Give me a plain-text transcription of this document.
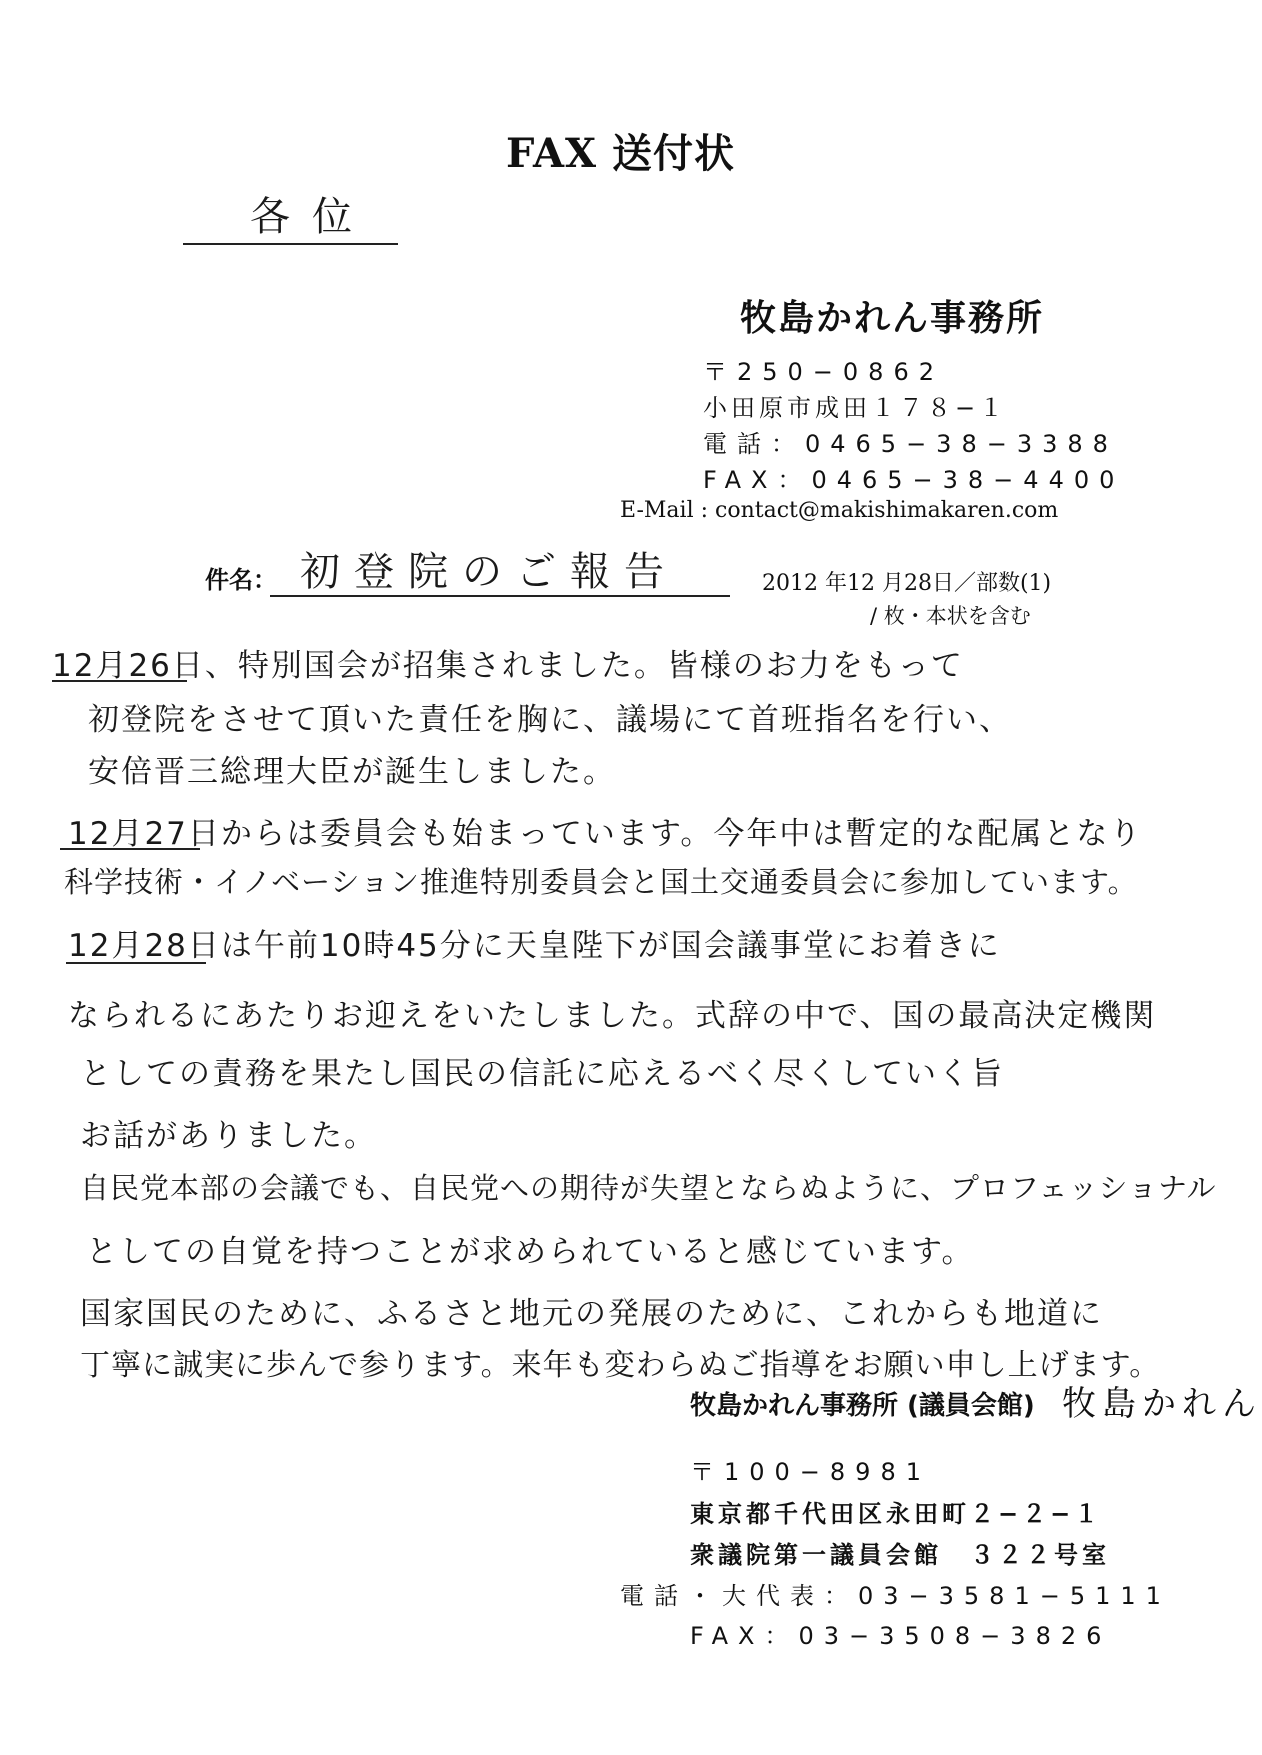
FAX 送付状
各位
牧島かれん事務所
〒250−0862
小田原市成田１７８−１
電話：0465−38−3388
FAX：0465−38−4400
E-Mail : contact@makishimakaren.com
件名： 初登院のご報告	2012 年12 月28日／部数(1)
/ 枚・本状を含む
12月26日、特別国会が招集されました。皆様のお力をもって
初登院をさせて頂いた責任を胸に、議場にて首班指名を行い、
安倍晋三総理大臣が誕生しました。
12月27日からは委員会も始まっています。今年中は暫定的な配属となり
科学技術・イノベーション推進特別委員会と国土交通委員会に参加しています。
12月28日は午前10時45分に天皇陛下が国会議事堂にお着きに
なられるにあたりお迎えをいたしました。式辞の中で、国の最高決定機関
としての責務を果たし国民の信託に応えるべく尽くしていく旨
お話がありました。
自民党本部の会議でも、自民党への期待が失望とならぬように、プロフェッショナル
としての自覚を持つことが求められていると感じています。
国家国民のために、ふるさと地元の発展のために、これからも地道に
丁寧に誠実に歩んで参ります。来年も変わらぬご指導をお願い申し上げます。
牧島かれん
牧島かれん事務所 (議員会館)
〒100−8981
東京都千代田区永田町２−２−１
衆議院第一議員会館　３２２号室
電話・大代表：03−3581−5111
FAX：03−3508−3826
